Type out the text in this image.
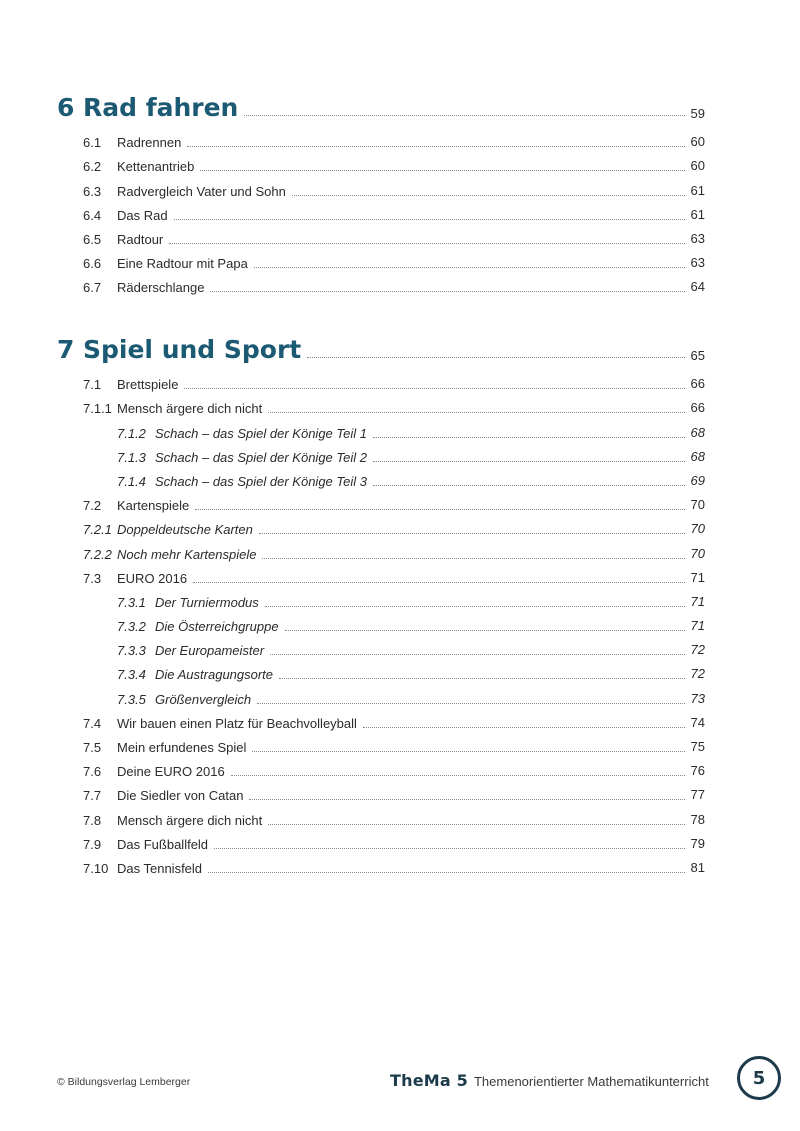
6 Rad fahren	59
6.1	Radrennen	60
6.2	Kettenantrieb	60
6.3	Radvergleich Vater und Sohn	61
6.4	Das Rad	61
6.5	Radtour	63
6.6	Eine Radtour mit Papa	63
6.7	Räderschlange	64
7 Spiel und Sport	65
7.1	Brettspiele	66
7.1.1 Mensch ärgere dich nicht	66
7.1.2 Schach – das Spiel der Könige Teil 1	68
7.1.3 Schach – das Spiel der Könige Teil 2	68
7.1.4 Schach – das Spiel der Könige Teil 3	69
7.2	Kartenspiele	70
7.2.1 Doppeldeutsche Karten	70
7.2.2 Noch mehr Kartenspiele	70
7.3	EURO 2016	71
7.3.1 Der Turniermodus	71
7.3.2 Die Österreichgruppe	71
7.3.3 Der Europameister	72
7.3.4 Die Austragungsorte	72
7.3.5 Größenvergleich	73
7.4	Wir bauen einen Platz für Beachvolleyball	74
7.5	Mein erfundenes Spiel	75
7.6	Deine EURO 2016	76
7.7	Die Siedler von Catan	77
7.8	Mensch ärgere dich nicht	78
7.9	Das Fußballfeld	79
7.10 Das Tennisfeld	81
© Bildungsverlag Lemberger	TheMa 5 Themenorientierter Mathematikunterricht	5
